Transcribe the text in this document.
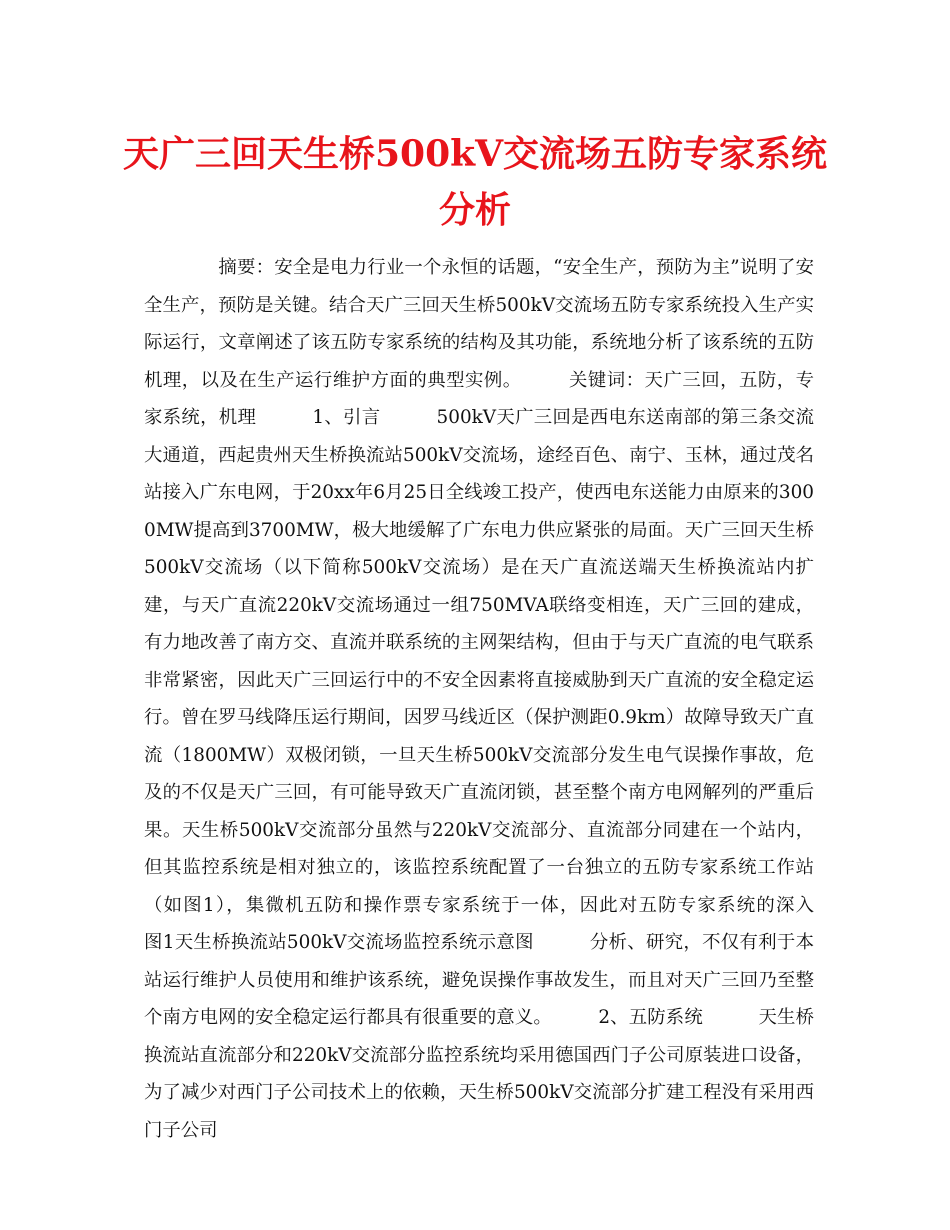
天广三回天生桥500kV交流场五防专家系统
分析
　　　　摘要：安全是电力行业一个永恒的话题，“安全生产，预防为主”说明了安全生产，预防是关键。结合天广三回天生桥500kV交流场五防专家系统投入生产实际运行，文章阐述了该五防专家系统的结构及其功能，系统地分析了该系统的五防机理，以及在生产运行维护方面的典型实例。　　　关键词：天广三回，五防，专家系统，机理　　　1、引言　　　500kV天广三回是西电东送南部的第三条交流大通道，西起贵州天生桥换流站500kV交流场，途经百色、南宁、玉林，通过茂名站接入广东电网，于20xx年6月25日全线竣工投产，使西电东送能力由原来的3000MW提高到3700MW，极大地缓解了广东电力供应紧张的局面。天广三回天生桥500kV交流场（以下简称500kV交流场）是在天广直流送端天生桥换流站内扩建，与天广直流220kV交流场通过一组750MVA联络变相连，天广三回的建成，有力地改善了南方交、直流并联系统的主网架结构，但由于与天广直流的电气联系非常紧密，因此天广三回运行中的不安全因素将直接威胁到天广直流的安全稳定运行。曾在罗马线降压运行期间，因罗马线近区（保护测距0.9km）故障导致天广直流（1800MW）双极闭锁，一旦天生桥500kV交流部分发生电气误操作事故，危及的不仅是天广三回，有可能导致天广直流闭锁，甚至整个南方电网解列的严重后果。天生桥500kV交流部分虽然与220kV交流部分、直流部分同建在一个站内，但其监控系统是相对独立的，该监控系统配置了一台独立的五防专家系统工作站（如图1），集微机五防和操作票专家系统于一体，因此对五防专家系统的深入　　　图1天生桥换流站500kV交流场监控系统示意图　　　分析、研究，不仅有利于本站运行维护人员使用和维护该系统，避免误操作事故发生，而且对天广三回乃至整个南方电网的安全稳定运行都具有很重要的意义。　　　2、五防系统　　　天生桥换流站直流部分和220kV交流部分监控系统均采用德国西门子公司原装进口设备，为了减少对西门子公司技术上的依赖，天生桥500kV交流部分扩建工程没有采用西门子公司
